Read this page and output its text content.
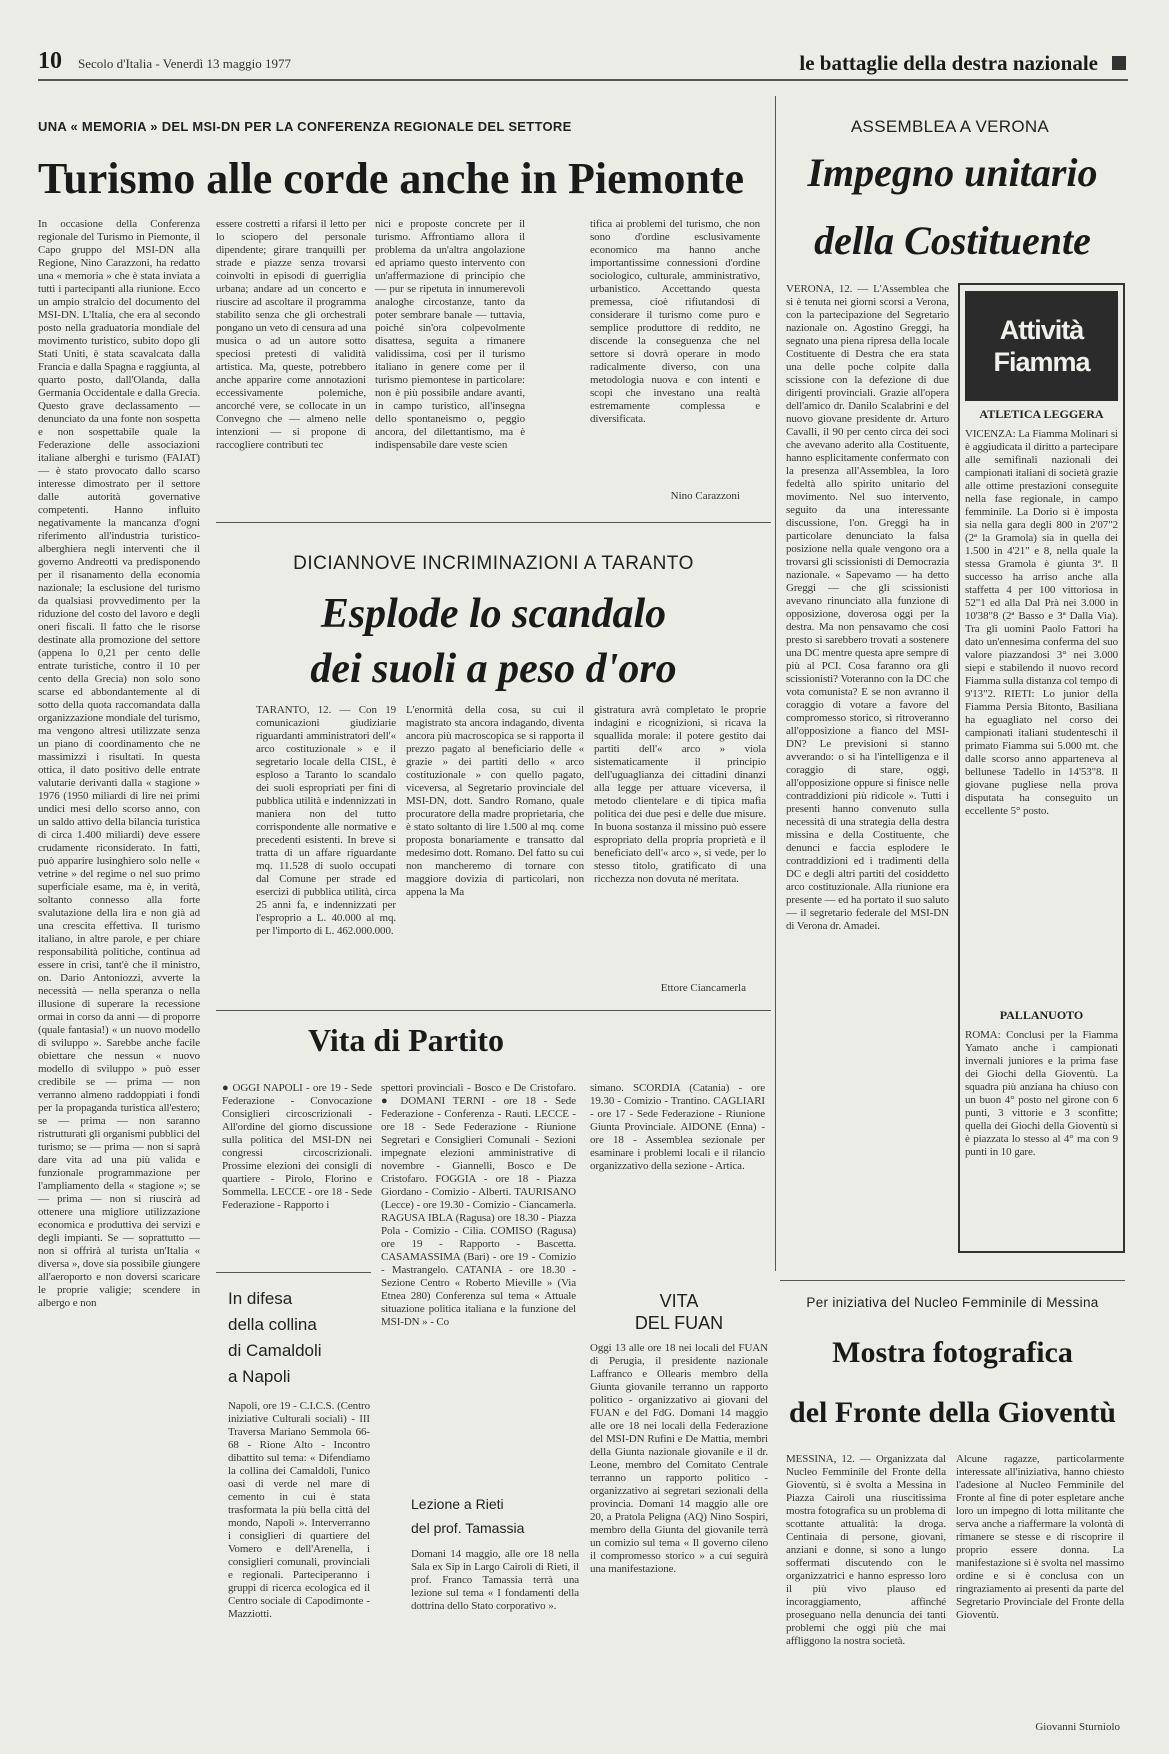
10 Secolo d'Italia - Venerdì 13 maggio 1977	le battaglie della destra nazionale
UNA « MEMORIA » DEL MSI-DN PER LA CONFERENZA REGIONALE DEL SETTORE
Turismo alle corde anche in Piemonte
In occasione della Conferenza regionale del Turismo in Piemonte, il Capo gruppo del MSI-DN alla Regione, Nino Carazzoni, ha redatto una « memoria » che è stata inviata a tutti i partecipanti alla riunione. Ecco un ampio stralcio del documento del MSI-DN. L'Italia, che era al secondo posto nella graduatoria mondiale del movimento turistico, subito dopo gli Stati Uniti, è stata scavalcata dalla Francia e dalla Spagna e raggiunta, al quarto posto, dall'Olanda, dalla Germania Occidentale e dalla Grecia. Questo grave declassamento — denunciato da una fonte non sospetta e non sospettabile quale la Federazione delle associazioni italiane alberghi e turismo (FAIAT) — è stato provocato dallo scarso interesse dimostrato per il settore dalle autorità governative competenti. Hanno influito negativamente la mancanza d'ogni riferimento all'industria turistico-alberghiera negli interventi che il governo Andreotti va predisponendo per il risanamento della economia nazionale; la esclusione del turismo da qualsiasi provvedimento per la riduzione del costo del lavoro e degli oneri fiscali. Il fatto che le risorse destinate alla promozione del settore (appena lo 0,21 per cento delle entrate turistiche, contro il 10 per cento della Grecia) non solo sono scarse ed abbondantemente al di sotto della quota raccomandata dalla organizzazione mondiale del turismo, ma vengono altresì utilizzate senza un piano di coordinamento che ne massimizzi i risultati. In questa ottica, il dato positivo delle entrate valutarie derivanti dalla « stagione » 1976 (1950 miliardi di lire nei primi undici mesi dello scorso anno, con un saldo attivo della bilancia turistica di circa 1.400 miliardi) deve essere crudamente riconsiderato. In fatti, può apparire lusinghiero solo nelle « vetrine » del regime o nel suo primo superficiale esame, ma è, in verità, soltanto connesso alla forte svalutazione della lira e non già ad una crescita effettiva. Il turismo italiano, in altre parole, e per chiare responsabilità politiche, continua ad essere in crisi, tant'è che il ministro, on. Dario Antoniozzi, avverte la necessità — nella speranza o nella illusione di superare la recessione ormai in corso da anni — di proporre (quale fantasia!) « un nuovo modello di sviluppo ». Sarebbe anche facile obiettare che nessun « nuovo modello di sviluppo » può esser credibile se — prima — non verranno almeno raddoppiati i fondi per la propaganda turistica all'estero; se — prima — non saranno ristrutturati gli organismi pubblici del turismo; se — prima — non si saprà dare vita ad una più valida e funzionale programmazione per l'ampliamento della « stagione »; se — prima — non si riuscirà ad ottenere una migliore utilizzazione economica e produttiva dei servizi e degli impianti. Se — soprattutto — non si offrirà al turista un'Italia « diversa », dove sia possibile giungere all'aeroporto e non doversi scaricare le proprie valigie; scendere in albergo e non
essere costretti a rifarsi il letto per lo sciopero del personale dipendente; girare tranquilli per strade e piazze senza trovarsi coinvolti in episodi di guerriglia urbana; andare ad un concerto e riuscire ad ascoltare il programma stabilito senza che gli orchestrali pongano un veto di censura ad una musica o ad un autore sotto speciosi pretesti di validità artistica. Ma, queste, potrebbero anche apparire come annotazioni eccessivamente polemiche, ancorché vere, se collocate in un Convegno che — almeno nelle intenzioni — si propone di raccogliere contributi tec
nici e proposte concrete per il turismo. Affrontiamo allora il problema da un'altra angolazione ed apriamo questo intervento con un'affermazione di principio che — pur se ripetuta in innumerevoli analoghe circostanze, tanto da poter sembrare banale — tuttavia, poiché sin'ora colpevolmente disattesa, seguita a rimanere validissima, così per il turismo italiano in genere come per il turismo piemontese in particolare: non è più possibile andare avanti, in campo turistico, all'insegna dello spontaneismo o, peggio ancora, del dilettantismo, ma è indispensabile dare veste scien
tifica ai problemi del turismo, che non sono d'ordine esclusivamente economico ma hanno anche importantissime connessioni d'ordine sociologico, culturale, amministrativo, urbanistico. Accettando questa premessa, cioè rifiutandosi di considerare il turismo come puro e semplice produttore di reddito, ne discende la conseguenza che nel settore si dovrà operare in modo radicalmente diverso, con una metodologia nuova e con intenti e scopi che investano una realtà estremamente complessa e diversificata.
Nino Carazzoni
ASSEMBLEA A VERONA
Impegno unitario
della Costituente
VERONA, 12. — L'Assemblea che si è tenuta nei giorni scorsi a Verona, con la partecipazione del Segretario nazionale on. Agostino Greggi, ha segnato una piena ripresa della locale Costituente di Destra che era stata una delle poche colpite dalla scissione con la defezione di due dirigenti provinciali. Grazie all'opera dell'amico dr. Danilo Scalabrini e del nuovo giovane presidente dr. Arturo Cavalli, il 90 per cento circa dei soci che avevano aderito alla Costituente, hanno esplicitamente confermato con la presenza all'Assemblea, la loro fedeltà allo spirito unitario del movimento. Nel suo intervento, seguito da una interessante discussione, l'on. Greggi ha in particolare denunciato la falsa posizione nella quale vengono ora a trovarsi gli scissionisti di Democrazia nazionale. « Sapevamo — ha detto Greggi — che gli scissionisti avevano rinunciato alla funzione di opposizione, doverosa oggi per la destra. Ma non pensavamo che così presto si sarebbero trovati a sostenere una DC mentre questa apre sempre di più al PCI. Cosa faranno ora gli scissionisti? Voteranno con la DC che vota comunista? E se non avranno il coraggio di votare a favore del compromesso storico, si ritroveranno all'opposizione a fianco del MSI-DN? Le previsioni si stanno avverando: o si ha l'intelligenza e il coraggio di stare, oggi, all'opposizione oppure si finisce nelle contraddizioni più ridicole ». Tutti i presenti hanno convenuto sulla necessità di una strategia della destra missina e della Costituente, che denunci e faccia esplodere le contraddizioni ed i tradimenti della DC e degli altri partiti del cosiddetto arco costituzionale. Alla riunione era presente — ed ha portato il suo saluto — il segretario federale del MSI-DN di Verona dr. Amadei.
Attività Fiamma
ATLETICA LEGGERA
VICENZA: La Fiamma Molinari si è aggiudicata il diritto a partecipare alle semifinali nazionali dei campionati italiani di società grazie alle ottime prestazioni conseguite nella fase regionale, in campo femminile. La Dorio si è imposta sia nella gara degli 800 in 2'07"2 (2ª la Gramola) sia in quella dei 1.500 in 4'21" e 8, nella quale la stessa Gramola è giunta 3ª. Il successo ha arriso anche alla staffetta 4 per 100 vittoriosa in 52"1 ed alla Dal Prà nei 3.000 in 10'38"8 (2ª Basso e 3ª Dalla Via). Tra gli uomini Paolo Fattori ha dato un'ennesima conferma del suo valore piazzandosi 3° nei 3.000 siepi e stabilendo il nuovo record Fiamma sulla distanza col tempo di 9'13"2. RIETI: Lo junior della Fiamma Persia Bitonto, Basiliana ha eguagliato nel corso dei campionati italiani studenteschi il primato Fiamma sui 5.000 mt. che dalle scorso anno apparteneva al bellunese Tadello in 14'53"8. Il giovane pugliese nella prova disputata ha conseguito un eccellente 5° posto.
PALLANUOTO
ROMA: Conclusi per la Fiamma Yamato anche i campionati invernali juniores e la prima fase dei Giochi della Gioventù. La squadra più anziana ha chiuso con un buon 4° posto nel girone con 6 punti, 3 vittorie e 3 sconfitte; quella dei Giochi della Gioventù si è piazzata lo stesso al 4° ma con 9 punti in 10 gare.
DICIANNOVE INCRIMINAZIONI A TARANTO
Esplode lo scandalo
dei suoli a peso d'oro
TARANTO, 12. — Con 19 comunicazioni giudiziarie riguardanti amministratori dell'« arco costituzionale » e il segretario locale della CISL, è esploso a Taranto lo scandalo dei suoli espropriati per fini di pubblica utilità e indennizzati in maniera non del tutto corrispondente alle normative e precedenti esistenti. In breve si tratta di un affare riguardante mq. 11.528 di suolo occupati dal Comune per strade ed esercizi di pubblica utilità, circa 25 anni fa, e indennizzati per l'esproprio a L. 40.000 al mq. per l'importo di L. 462.000.000.
L'enormità della cosa, su cui il magistrato sta ancora indagando, diventa ancora più macroscopica se si rapporta il prezzo pagato al beneficiario delle « grazie » dei partiti dello « arco costituzionale » con quello pagato, viceversa, al Segretario provinciale del MSI-DN, dott. Sandro Romano, quale procuratore della madre proprietaria, che è stato soltanto di lire 1.500 al mq. come proposta bonariamente e transatto dal medesimo dott. Romano. Del fatto su cui non mancheremo di tornare con maggiore dovizia di particolari, non appena la Ma
gistratura avrà completato le proprie indagini e ricognizioni, si ricava la squallida morale: il potere gestito dai partiti dell'« arco » viola sistematicamente il principio dell'uguaglianza dei cittadini dinanzi alla legge per attuare viceversa, il metodo clientelare e di tipica mafia politica dei due pesi e delle due misure. In buona sostanza il missino può essere espropriato della propria proprietà e il beneficiato dell'« arco », si vede, per lo stesso titolo, gratificato di una ricchezza non dovuta né meritata.
Ettore Ciancamerla
Vita di Partito
● OGGI NAPOLI - ore 19 - Sede Federazione - Convocazione Consiglieri circoscrizionali - All'ordine del giorno discussione sulla politica del MSI-DN nei congressi circoscrizionali. Prossime elezioni dei consigli di quartiere - Pirolo, Florino e Sommella. LECCE - ore 18 - Sede Federazione - Rapporto i
spettori provinciali - Bosco e De Cristofaro. ● DOMANI TERNI - ore 18 - Sede Federazione - Conferenza - Rauti. LECCE - ore 18 - Sede Federazione - Riunione Segretari e Consiglieri Comunali - Sezioni impegnate elezioni amministrative di novembre - Giannelli, Bosco e De Cristofaro. FOGGIA - ore 18 - Piazza Giordano - Comizio - Alberti. TAURISANO (Lecce) - ore 19.30 - Comizio - Ciancamerla. RAGUSA IBLA (Ragusa) ore 18.30 - Piazza Pola - Comizio - Cilia. COMISO (Ragusa) ore 19 - Rapporto - Bascetta. CASAMASSIMA (Bari) - ore 19 - Comizio - Mastrangelo. CATANIA - ore 18.30 - Sezione Centro « Roberto Mieville » (Via Etnea 280) Conferenza sul tema « Attuale situazione politica italiana e la funzione del MSI-DN » - Co
simano. SCORDIA (Catania) - ore 19.30 - Comizio - Trantino. CAGLIARI - ore 17 - Sede Federazione - Riunione Giunta Provinciale. AIDONE (Enna) - ore 18 - Assemblea sezionale per esaminare i problemi locali e il rilancio organizzativo della sezione - Artica.
In difesa
della collina
di Camaldoli
a Napoli
Napoli, ore 19 - C.I.C.S. (Centro iniziative Culturali sociali) - III Traversa Mariano Semmola 66-68 - Rione Alto - Incontro dibattito sul tema: « Difendiamo la collina dei Camaldoli, l'unico oasi di verde nel mare di cemento in cui è stata trasformata la più bella città del mondo, Napoli ». Interverranno i consiglieri di quartiere del Vomero e dell'Arenella, i consiglieri comunali, provinciali e regionali. Parteciperanno i gruppi di ricerca ecologica ed il Centro sociale di Capodimonte - Mazziotti.
VITA
DEL FUAN
Oggi 13 alle ore 18 nei locali del FUAN di Perugia, il presidente nazionale Laffranco e Ollearis membro della Giunta giovanile terranno un rapporto politico - organizzativo ai giovani del FUAN e del FdG. Domani 14 maggio alle ore 18 nei locali della Federazione del MSI-DN Rufini e De Mattia, membri della Giunta nazionale giovanile e il dr. Leone, membro del Comitato Centrale terranno un rapporto politico - organizzativo ai segretari sezionali della provincia. Domani 14 maggio alle ore 20, a Pratola Peligna (AQ) Nino Sospiri, membro della Giunta del giovanile terrà un comizio sul tema « Il governo cileno il compromesso storico » a cui seguirà una manifestazione.
Lezione a Rieti
del prof. Tamassia
Domani 14 maggio, alle ore 18 nella Sala ex Sip in Largo Cairoli di Rieti, il prof. Franco Tamassia terrà una lezione sul tema « I fondamenti della dottrina dello Stato corporativo ».
Per iniziativa del Nucleo Femminile di Messina
Mostra fotografica
del Fronte della Gioventù
MESSINA, 12. — Organizzata dal Nucleo Femminile del Fronte della Gioventù, si è svolta a Messina in Piazza Cairoli una riuscitissima mostra fotografica su un problema di scottante attualità: la droga. Centinaia di persone, giovani, anziani e donne, si sono a lungo soffermati discutendo con le organizzatrici e hanno espresso loro il più vivo plauso ed incoraggiamento, affinché proseguano nella denuncia dei tanti problemi che oggi più che mai affliggono la nostra società.
Alcune ragazze, particolarmente interessate all'iniziativa, hanno chiesto l'adesione al Nucleo Femminile del Fronte al fine di poter espletare anche loro un impegno di lotta militante che serva anche a riaffermare la volontà di rimanere se stesse e di riscoprire il proprio essere donna. La manifestazione si è svolta nel massimo ordine e si è conclusa con un ringraziamento ai presenti da parte del Segretario Provinciale del Fronte della Gioventù.
Giovanni Sturniolo
